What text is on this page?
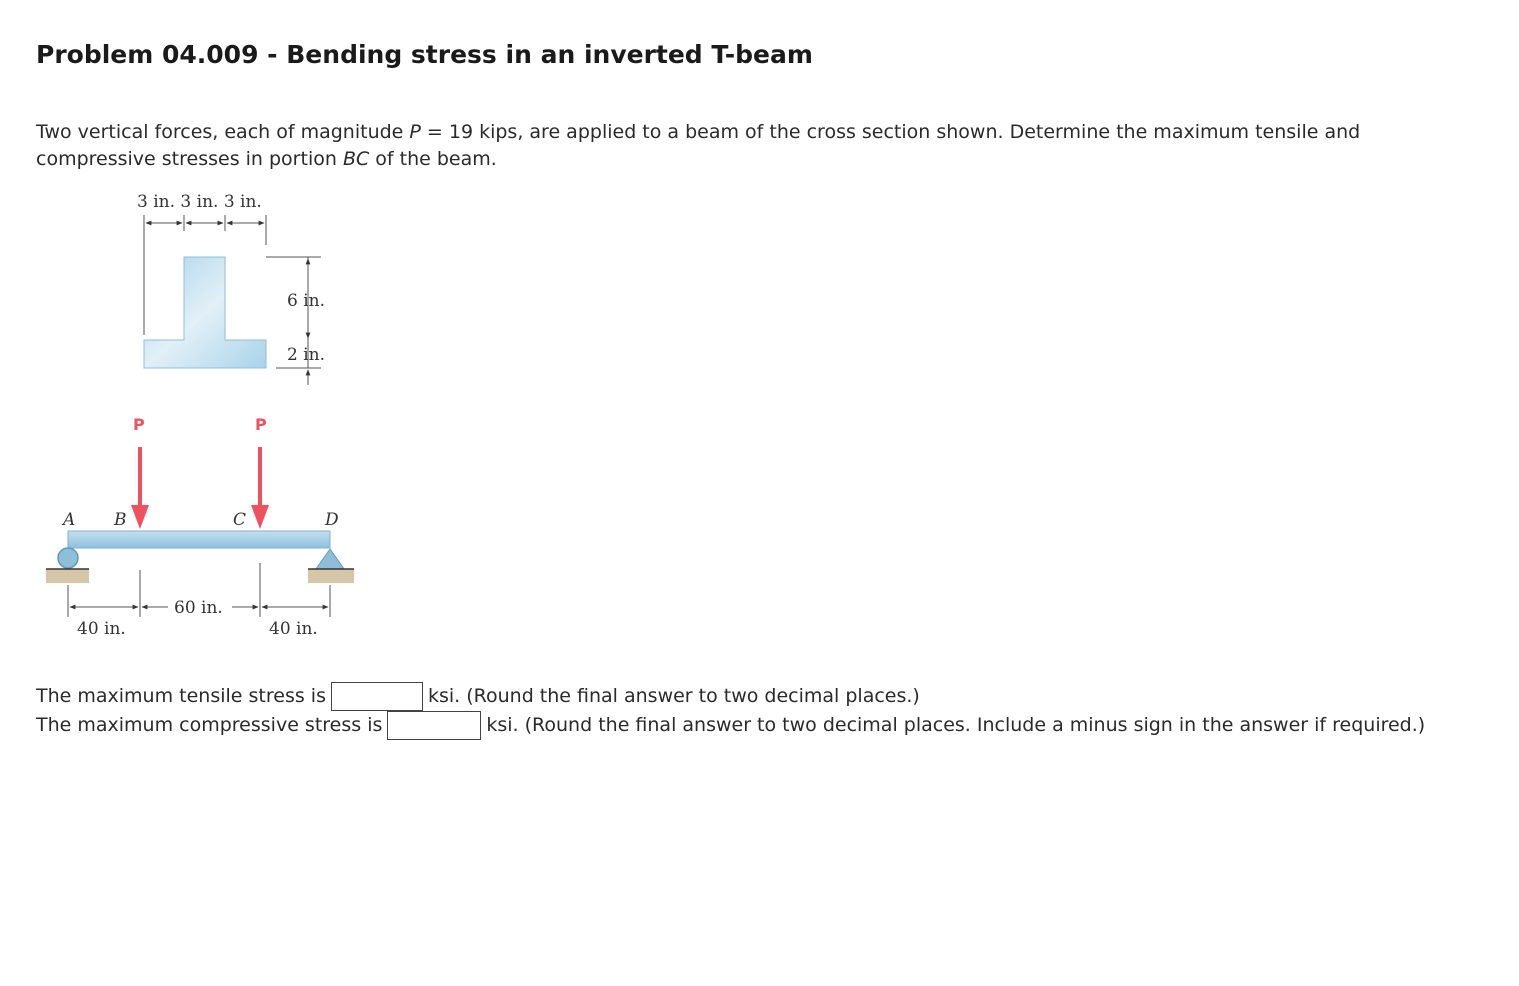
Problem 04.009 - Bending stress in an inverted T-beam
Two vertical forces, each of magnitude P = 19 kips, are applied to a beam of the cross section shown. Determine the maximum tensile and compressive stresses in portion BC of the beam.
3 in. 3 in. 3 in.
6 in.
2 in.
P	P
A B	C	D
40 in.
60 in.
40 in.
The maximum tensile stress is	ksi. (Round the final answer to two decimal places.)
The maximum compressive stress is	ksi. (Round the final answer to two decimal places. Include a minus sign in the answer if required.)
